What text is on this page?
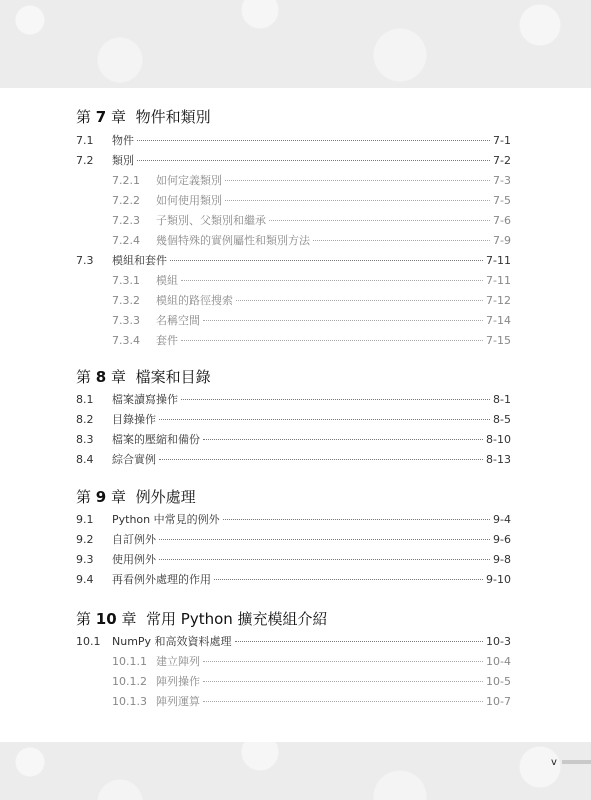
第 7 章 物件和類別
7.1	物件	7-1
7.2	類別	7-2
7.2.1	如何定義類別	7-3
7.2.2	如何使用類別	7-5
7.2.3	子類別、父類別和繼承	7-6
7.2.4	幾個特殊的實例屬性和類別方法	7-9
7.3	模組和套件	7-11
7.3.1	模組	7-11
7.3.2	模組的路徑搜索	7-12
7.3.3	名稱空間	7-14
7.3.4	套件	7-15
第 8 章 檔案和目錄
8.1	檔案讀寫操作	8-1
8.2	目錄操作	8-5
8.3	檔案的壓縮和備份	8-10
8.4	綜合實例	8-13
第 9 章 例外處理
9.1	Python 中常見的例外	9-4
9.2	自訂例外	9-6
9.3	使用例外	9-8
9.4	再看例外處理的作用	9-10
第 10 章 常用 Python 擴充模組介紹
10.1	NumPy 和高效資料處理	10-3
10.1.1 建立陣列	10-4
10.1.2 陣列操作	10-5
10.1.3 陣列運算	10-7
v
